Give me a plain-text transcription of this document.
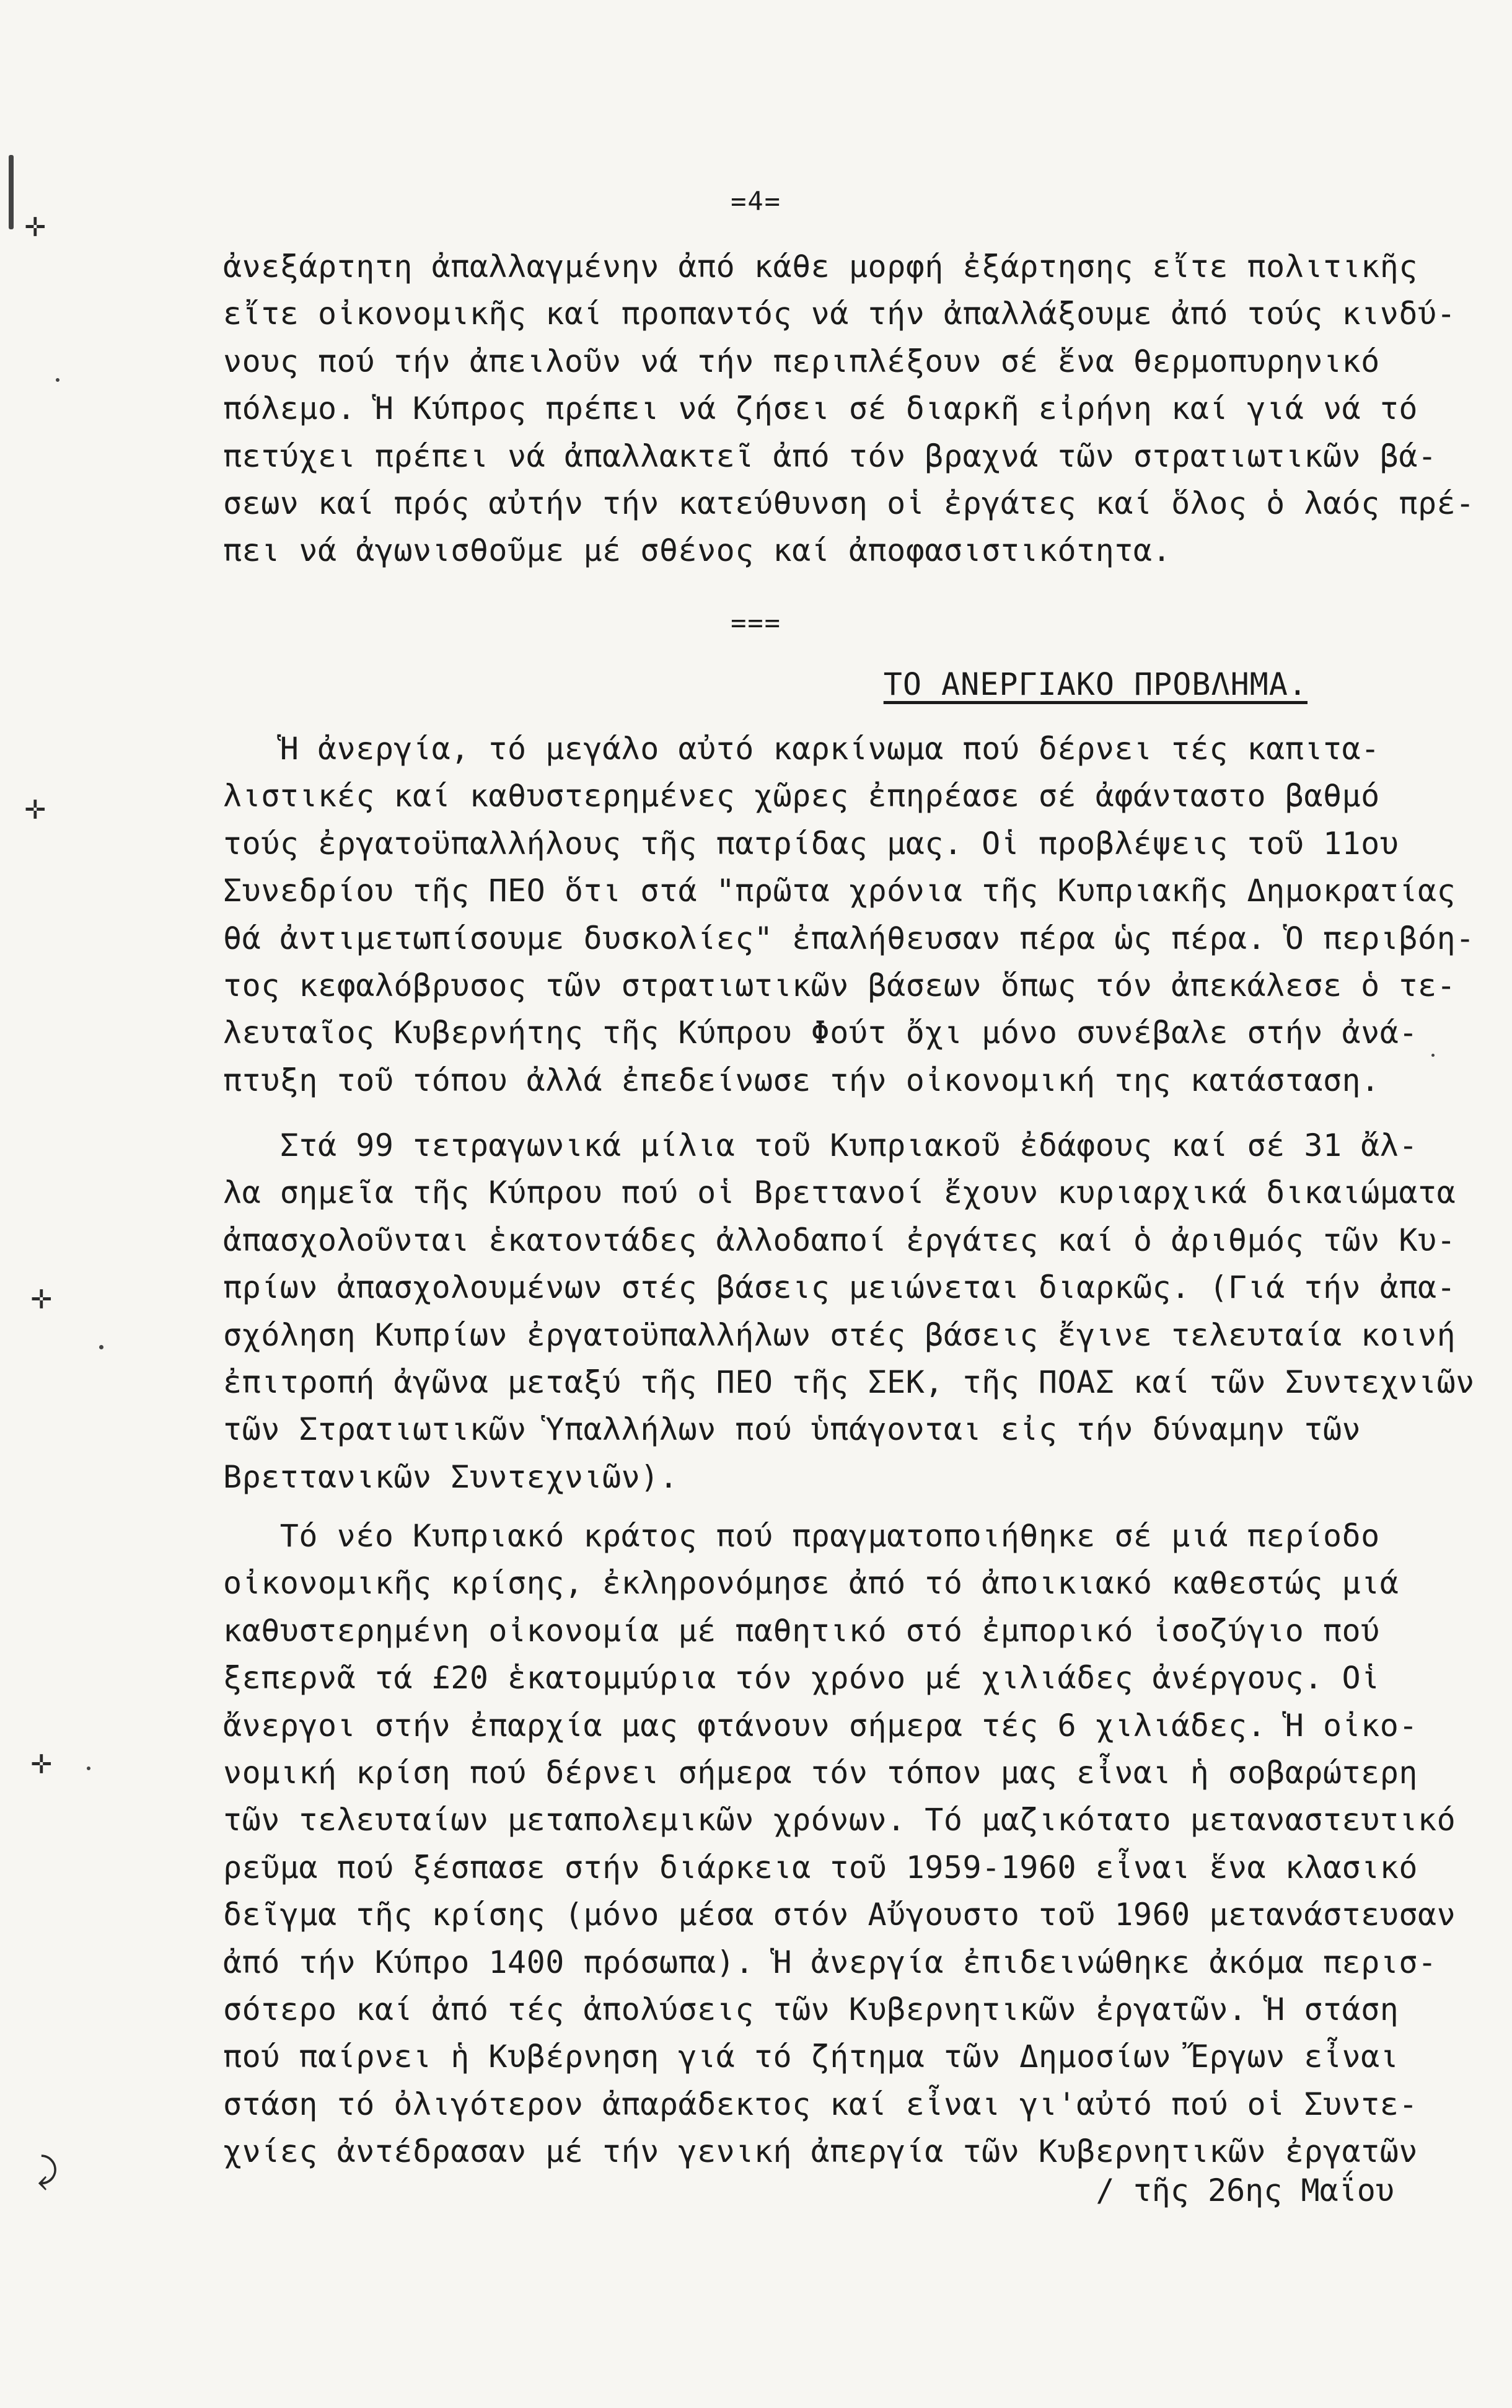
=4=
ἀνεξάρτητη ἀπαλλαγμένην ἀπό κάθε μορφή ἐξάρτησης εἴτε πολιτικῆς
εἴτε οἰκονομικῆς καί προπαντός νά τήν ἀπαλλάξουμε ἀπό τούς κινδύ-
νους πού τήν ἀπειλοῦν νά τήν περιπλέξουν σέ ἕνα θερμοπυρηνικό
πόλεμο. Ἡ Κύπρος πρέπει νά ζήσει σέ διαρκῆ εἰρήνη καί γιά νά τό
πετύχει πρέπει νά ἀπαλλακτεῖ ἀπό τόν βραχνά τῶν στρατιωτικῶν βά-
σεων καί πρός αὐτήν τήν κατεύθυνση οἱ ἐργάτες καί ὅλος ὁ λαός πρέ-
πει νά ἀγωνισθοῦμε μέ σθένος καί ἀποφασιστικότητα.
===
ΤΟ ΑΝΕΡΓΙΑΚΟ ΠΡΟΒΛΗΜΑ.
Ἡ ἀνεργία, τό μεγάλο αὐτό καρκίνωμα πού δέρνει τές καπιτα-
λιστικές καί καθυστερημένες χῶρες ἐπηρέασε σέ ἀφάνταστο βαθμό
τούς ἐργατοϋπαλλήλους τῆς πατρίδας μας. Οἱ προβλέψεις τοῦ 11ου
Συνεδρίου τῆς ΠΕΟ ὅτι στά "πρῶτα χρόνια τῆς Κυπριακῆς Δημοκρατίας
θά ἀντιμετωπίσουμε δυσκολίες" ἐπαλήθευσαν πέρα ὡς πέρα. Ὁ περιβόη-
τος κεφαλόβρυσος τῶν στρατιωτικῶν βάσεων ὅπως τόν ἀπεκάλεσε ὁ τε-
λευταῖος Κυβερνήτης τῆς Κύπρου Φούτ ὄχι μόνο συνέβαλε στήν ἀνά-
πτυξη τοῦ τόπου ἀλλά ἐπεδείνωσε τήν οἰκονομική της κατάσταση.
Στά 99 τετραγωνικά μίλια τοῦ Κυπριακοῦ ἐδάφους καί σέ 31 ἄλ-
λα σημεῖα τῆς Κύπρου πού οἱ Βρεττανοί ἔχουν κυριαρχικά δικαιώματα
ἀπασχολοῦνται ἑκατοντάδες ἀλλοδαποί ἐργάτες καί ὁ ἀριθμός τῶν Κυ-
πρίων ἀπασχολουμένων στές βάσεις μειώνεται διαρκῶς. (Γιά τήν ἀπα-
σχόληση Κυπρίων ἐργατοϋπαλλήλων στές βάσεις ἔγινε τελευταία κοινή
ἐπιτροπή ἀγῶνα μεταξύ τῆς ΠΕΟ τῆς ΣΕΚ, τῆς ΠΟΑΣ καί τῶν Συντεχνιῶν
τῶν Στρατιωτικῶν Ὑπαλλήλων πού ὑπάγονται εἰς τήν δύναμην τῶν
Βρεττανικῶν Συντεχνιῶν).
Τό νέο Κυπριακό κράτος πού πραγματοποιήθηκε σέ μιά περίοδο
οἰκονομικῆς κρίσης, ἐκληρονόμησε ἀπό τό ἀποικιακό καθεστώς μιά
καθυστερημένη οἰκονομία μέ παθητικό στό ἐμπορικό ἰσοζύγιο πού
ξεπερνᾶ τά £20 ἑκατομμύρια τόν χρόνο μέ χιλιάδες ἀνέργους. Οἱ
ἄνεργοι στήν ἐπαρχία μας φτάνουν σήμερα τές 6 χιλιάδες. Ἡ οἰκο-
νομική κρίση πού δέρνει σήμερα τόν τόπον μας εἶναι ἡ σοβαρώτερη
τῶν τελευταίων μεταπολεμικῶν χρόνων. Τό μαζικότατο μεταναστευτικό
ρεῦμα πού ξέσπασε στήν διάρκεια τοῦ 1959-1960 εἶναι ἕνα κλασικό
δεῖγμα τῆς κρίσης (μόνο μέσα στόν Αὔγουστο τοῦ 1960 μετανάστευσαν
ἀπό τήν Κύπρο 1400 πρόσωπα). Ἡ ἀνεργία ἐπιδεινώθηκε ἀκόμα περισ-
σότερο καί ἀπό τές ἀπολύσεις τῶν Κυβερνητικῶν ἐργατῶν. Ἡ στάση
πού παίρνει ἡ Κυβέρνηση γιά τό ζήτημα τῶν Δημοσίων Ἔργων εἶναι
στάση τό ὀλιγότερον ἀπαράδεκτος καί εἶναι γι'αὐτό πού οἱ Συντε-
χνίες ἀντέδρασαν μέ τήν γενική ἀπεργία τῶν Κυβερνητικῶν ἐργατῶν
/ τῆς 26ης Μαΐου
✛
✛
✛
✛
⤸
